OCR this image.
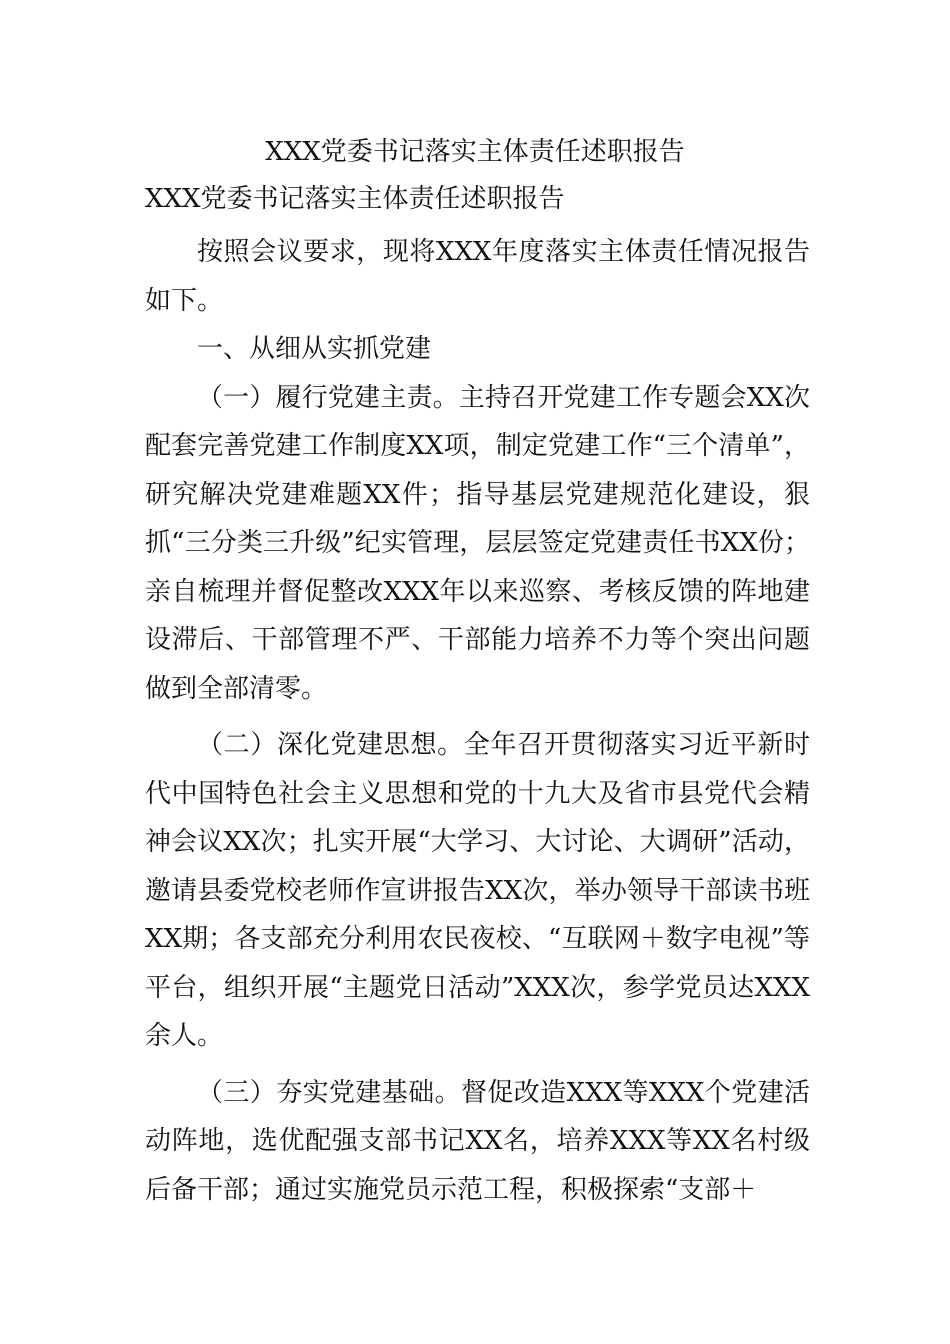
XXX党委书记落实主体责任述职报告
XXX党委书记落实主体责任述职报告

按照会议要求，现将XXX年度落实主体责任情况报告如下。

一、从细从实抓党建

（一）履行党建主责。主持召开党建工作专题会XX次配套完善党建工作制度XX项，制定党建工作“三个清单”，研究解决党建难题XX件；指导基层党建规范化建设，狠抓“三分类三升级”纪实管理，层层签定党建责任书XX份；亲自梳理并督促整改XXX年以来巡察、考核反馈的阵地建设滞后、干部管理不严、干部能力培养不力等个突出问题做到全部清零。

（二）深化党建思想。全年召开贯彻落实习近平新时代中国特色社会主义思想和党的十九大及省市县党代会精神会议XX次；扎实开展“大学习、大讨论、大调研”活动，邀请县委党校老师作宣讲报告XX次，举办领导干部读书班XX期；各支部充分利用农民夜校、“互联网＋数字电视”等平台，组织开展“主题党日活动”XXX次，参学党员达XXX余人。

（三）夯实党建基础。督促改造XXX等XXX个党建活动阵地，选优配强支部书记XX名，培养XXX等XX名村级后备干部；通过实施党员示范工程，积极探索“支部＋
